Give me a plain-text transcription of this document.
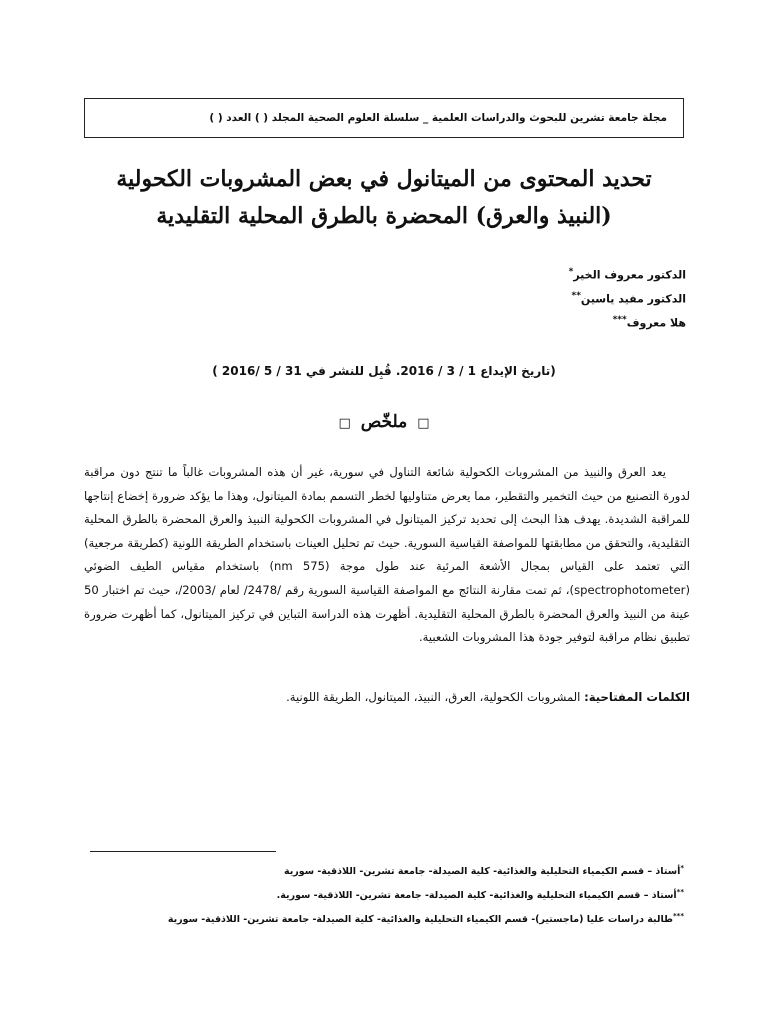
مجلة جامعة تشرين للبحوث والدراسات العلمية _ سلسلة العلوم الصحية المجلد ( ) العدد ( )
تحديد المحتوى من الميتانول في بعض المشروبات الكحولية
(النبيذ والعرق) المحضرة بالطرق المحلية التقليدية
الدكتور معروف الخير*
الدكتور مفيد ياسين**
هلا معروف***
(تاريخ الإيداع 1 / 3 / 2016. قُبِل للنشر في 31 / 5 /2016 )
□ ملخّص □

يعد العرق والنبيذ من المشروبات الكحولية شائعة التناول في سورية، غير أن هذه المشروبات غالباً ما تنتج دون مراقبة لدورة التصنيع من حيث التخمير والتقطير، مما يعرض متناوليها لخطر التسمم بمادة الميتانول، وهذا ما يؤكد ضرورة إخضاع إنتاجها للمراقبة الشديدة. يهدف هذا البحث إلى تحديد تركيز الميتانول في المشروبات الكحولية النبيذ والعرق المحضرة بالطرق المحلية التقليدية، والتحقق من مطابقتها للمواصفة القياسية السورية. حيث تم تحليل العينات باستخدام الطريقة اللونية (كطريقة مرجعية) التي تعتمد على القياس بمجال الأشعة المرئية عند طول موجة (575 nm) باستخدام مقياس الطيف الضوئي (spectrophotometer)، ثم تمت مقارنة النتائج مع المواصفة القياسية السورية رقم /2478/ لعام /2003/، حيث تم اختبار 50 عينة من النبيذ والعرق المحضرة بالطرق المحلية التقليدية. أظهرت هذه الدراسة التباين في تركيز الميتانول، كما أظهرت ضرورة تطبيق نظام مراقبة لتوفير جودة هذا المشروبات الشعبية.

الكلمات المفتاحية: المشروبات الكحولية، العرق، النبيذ، الميتانول، الطريقة اللونية.
*أستاذ – قسم الكيمياء التحليلية والغذائية- كلية الصيدلة- جامعة تشرين- اللاذقية- سورية
**أستاذ – قسم الكيمياء التحليلية والغذائية- كلية الصيدلة- جامعة تشرين- اللاذقية- سورية.
***طالبة دراسات عليا (ماجستير)- قسم الكيمياء التحليلية والغذائية- كلية الصيدلة- جامعة تشرين- اللاذقية- سورية
